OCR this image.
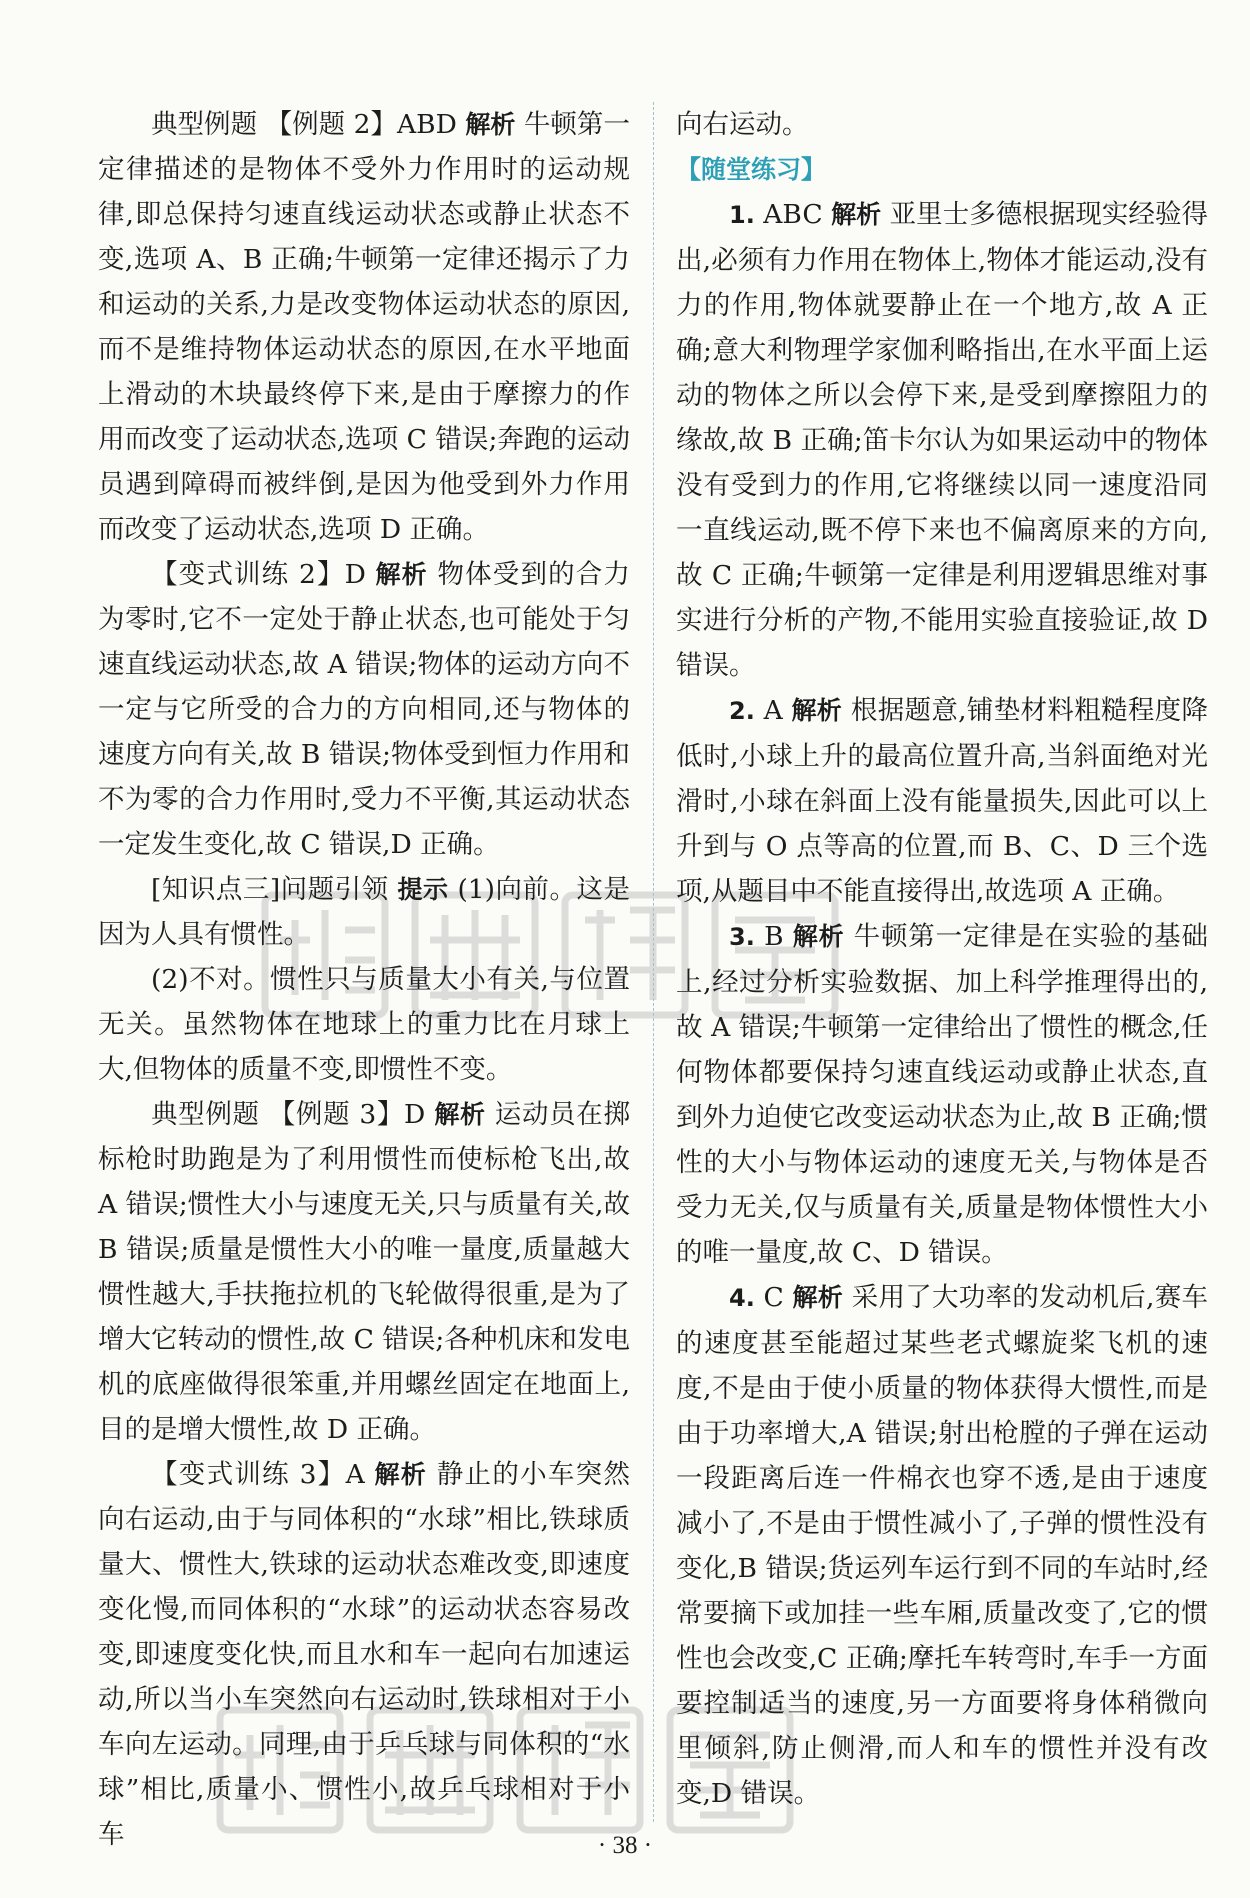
典型例题 【例题 2】ABD 解析 牛顿第一定律描述的是物体不受外力作用时的运动规律,即总保持匀速直线运动状态或静止状态不变,选项 A、B 正确;牛顿第一定律还揭示了力和运动的关系,力是改变物体运动状态的原因,而不是维持物体运动状态的原因,在水平地面上滑动的木块最终停下来,是由于摩擦力的作用而改变了运动状态,选项 C 错误;奔跑的运动员遇到障碍而被绊倒,是因为他受到外力作用而改变了运动状态,选项 D 正确。

【变式训练 2】D 解析 物体受到的合力为零时,它不一定处于静止状态,也可能处于匀速直线运动状态,故 A 错误;物体的运动方向不一定与它所受的合力的方向相同,还与物体的速度方向有关,故 B 错误;物体受到恒力作用和不为零的合力作用时,受力不平衡,其运动状态一定发生变化,故 C 错误,D 正确。

[知识点三]问题引领 提示 (1)向前。这是因为人具有惯性。

(2)不对。惯性只与质量大小有关,与位置无关。虽然物体在地球上的重力比在月球上大,但物体的质量不变,即惯性不变。

典型例题 【例题 3】D 解析 运动员在掷标枪时助跑是为了利用惯性而使标枪飞出,故 A 错误;惯性大小与速度无关,只与质量有关,故 B 错误;质量是惯性大小的唯一量度,质量越大惯性越大,手扶拖拉机的飞轮做得很重,是为了增大它转动的惯性,故 C 错误;各种机床和发电机的底座做得很笨重,并用螺丝固定在地面上,目的是增大惯性,故 D 正确。

【变式训练 3】A 解析 静止的小车突然向右运动,由于与同体积的“水球”相比,铁球质量大、惯性大,铁球的运动状态难改变,即速度变化慢,而同体积的“水球”的运动状态容易改变,即速度变化快,而且水和车一起向右加速运动,所以当小车突然向右运动时,铁球相对于小车向左运动。同理,由于乒乓球与同体积的“水球”相比,质量小、惯性小,故乒乓球相对于小车

向右运动。

【随堂练习】

1. ABC 解析 亚里士多德根据现实经验得出,必须有力作用在物体上,物体才能运动,没有力的作用,物体就要静止在一个地方,故 A 正确;意大利物理学家伽利略指出,在水平面上运动的物体之所以会停下来,是受到摩擦阻力的缘故,故 B 正确;笛卡尔认为如果运动中的物体没有受到力的作用,它将继续以同一速度沿同一直线运动,既不停下来也不偏离原来的方向,故 C 正确;牛顿第一定律是利用逻辑思维对事实进行分析的产物,不能用实验直接验证,故 D 错误。

2. A 解析 根据题意,铺垫材料粗糙程度降低时,小球上升的最高位置升高,当斜面绝对光滑时,小球在斜面上没有能量损失,因此可以上升到与 O 点等高的位置,而 B、C、D 三个选项,从题目中不能直接得出,故选项 A 正确。

3. B 解析 牛顿第一定律是在实验的基础上,经过分析实验数据、加上科学推理得出的,故 A 错误;牛顿第一定律给出了惯性的概念,任何物体都要保持匀速直线运动或静止状态,直到外力迫使它改变运动状态为止,故 B 正确;惯性的大小与物体运动的速度无关,与物体是否受力无关,仅与质量有关,质量是物体惯性大小的唯一量度,故 C、D 错误。

4. C 解析 采用了大功率的发动机后,赛车的速度甚至能超过某些老式螺旋桨飞机的速度,不是由于使小质量的物体获得大惯性,而是由于功率增大,A 错误;射出枪膛的子弹在运动一段距离后连一件棉衣也穿不透,是由于速度减小了,不是由于惯性减小了,子弹的惯性没有变化,B 错误;货运列车运行到不同的车站时,经常要摘下或加挂一些车厢,质量改变了,它的惯性也会改变,C 正确;摩托车转弯时,车手一方面要控制适当的速度,另一方面要将身体稍微向里倾斜,防止侧滑,而人和车的惯性并没有改变,D 错误。

· 38 ·
